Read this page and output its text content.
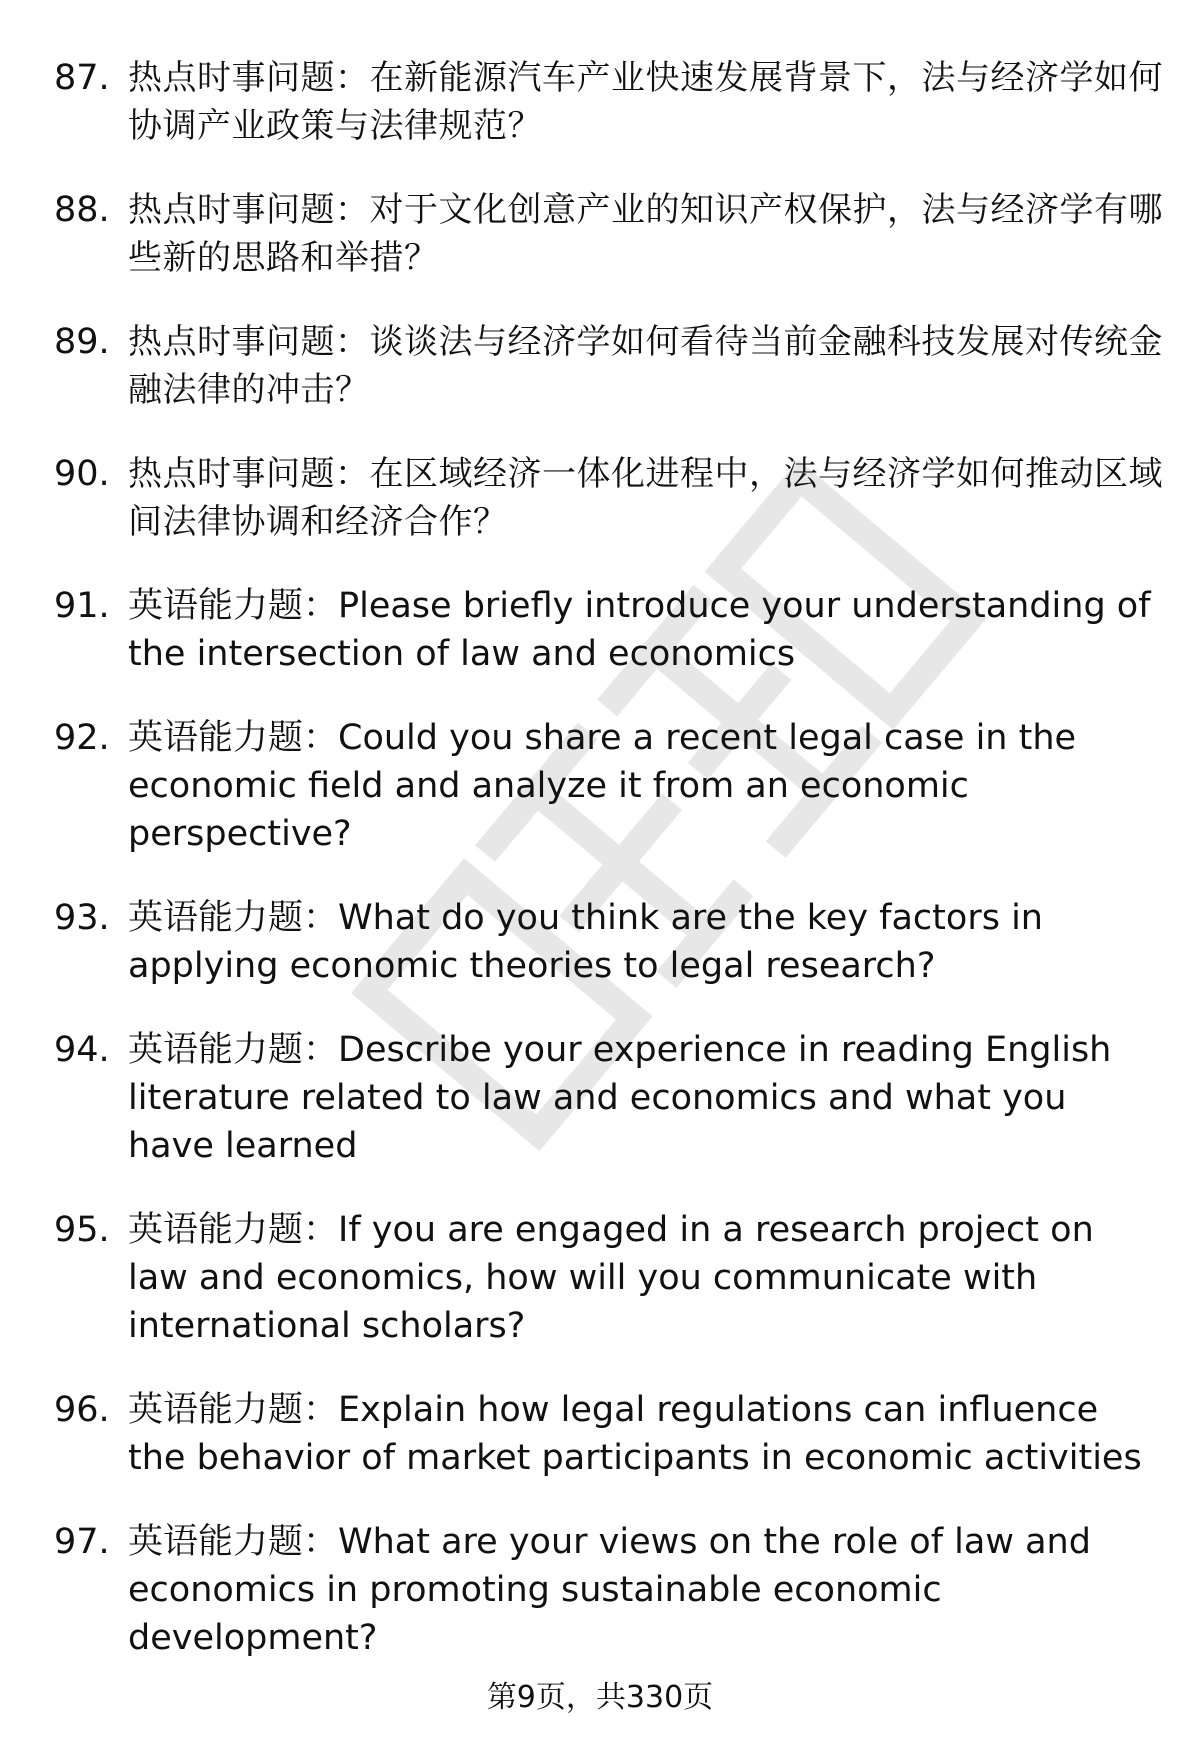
87. 热点时事问题：在新能源汽车产业快速发展背景下，法与经济学如何协调产业政策与法律规范？
88. 热点时事问题：对于文化创意产业的知识产权保护，法与经济学有哪些新的思路和举措？
89. 热点时事问题：谈谈法与经济学如何看待当前金融科技发展对传统金融法律的冲击？
90. 热点时事问题：在区域经济一体化进程中，法与经济学如何推动区域间法律协调和经济合作？
91. 英语能力题：Please briefly introduce your understanding of the intersection of law and economics
92. 英语能力题：Could you share a recent legal case in the economic field and analyze it from an economic perspective?
93. 英语能力题：What do you think are the key factors in applying economic theories to legal research?
94. 英语能力题：Describe your experience in reading English literature related to law and economics and what you have learned
95. 英语能力题：If you are engaged in a research project on law and economics, how will you communicate with international scholars?
96. 英语能力题：Explain how legal regulations can influence the behavior of market participants in economic activities
97. 英语能力题：What are your views on the role of law and economics in promoting sustainable economic development?
第9页，共330页
